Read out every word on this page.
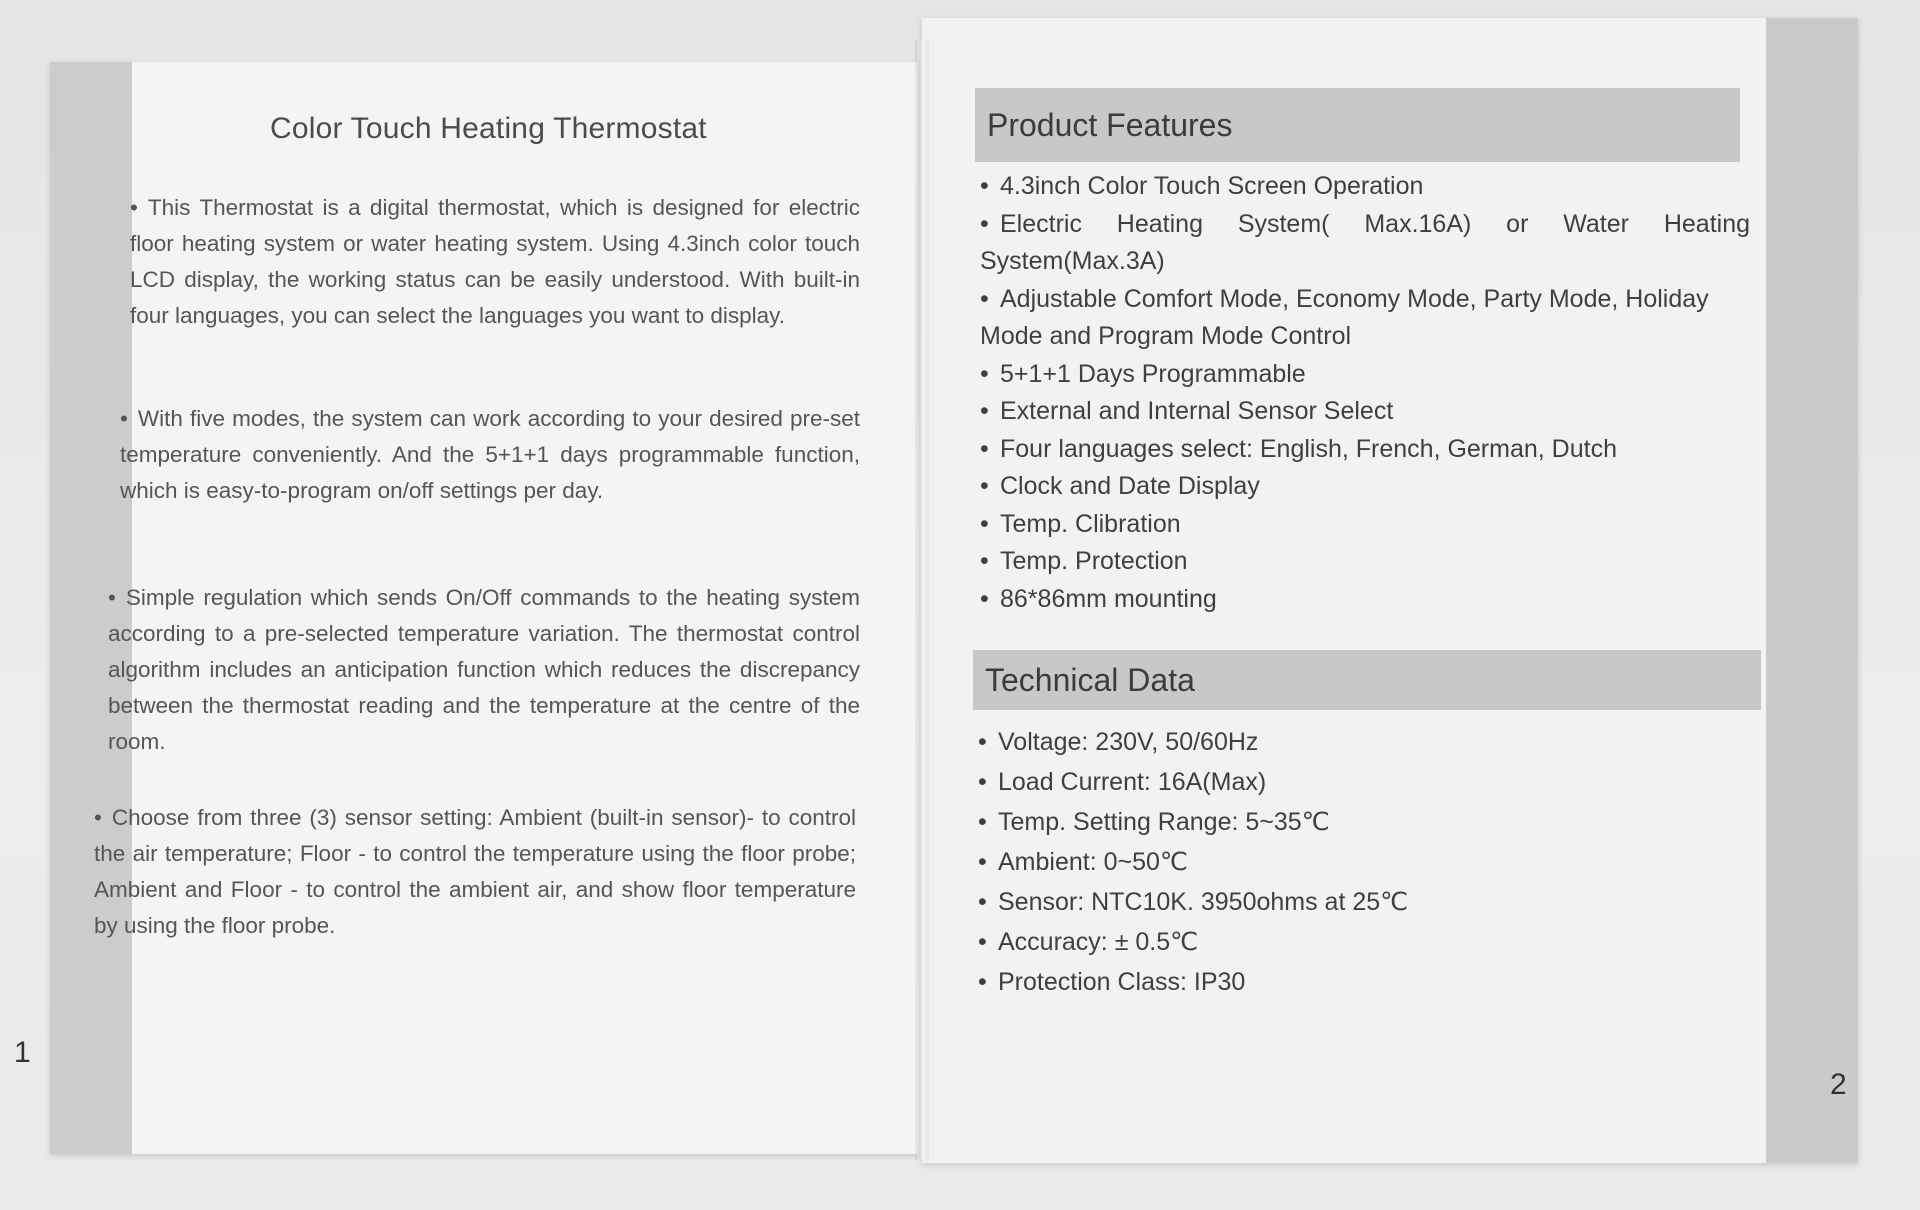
Color Touch Heating Thermostat
• This Thermostat is a digital thermostat, which is designed for electric floor heating system or water heating system. Using 4.3inch color touch LCD display, the working status can be easily understood. With built-in four languages, you can select the languages you want to display.
• With five modes, the system can work according to your desired pre-set temperature conveniently. And the 5+1+1 days programmable function, which is easy-to-program on/off settings per day.
• Simple regulation which sends On/Off commands to the heating system according to a pre-selected temperature variation. The thermostat control algorithm includes an anticipation function which reduces the discrepancy between the thermostat reading and the temperature at the centre of the room.
• Choose from three (3) sensor setting: Ambient (built-in sensor)- to control the air temperature; Floor - to control the temperature using the floor probe; Ambient and Floor - to control the ambient air, and show floor temperature by using the floor probe.
1
Product Features
• 4.3inch Color Touch Screen Operation
• Electric Heating System( Max.16A) or Water Heating System(Max.3A)
• Adjustable Comfort Mode, Economy Mode, Party Mode, Holiday Mode and Program Mode Control
• 5+1+1 Days Programmable
• External and Internal Sensor Select
• Four languages select: English, French, German, Dutch
• Clock and Date Display
• Temp. Clibration
• Temp. Protection
• 86*86mm mounting
Technical Data
• Voltage: 230V, 50/60Hz
• Load Current: 16A(Max)
• Temp. Setting Range: 5~35℃
• Ambient: 0~50℃
• Sensor: NTC10K. 3950ohms at 25℃
• Accuracy: ± 0.5℃
• Protection Class: IP30
2
